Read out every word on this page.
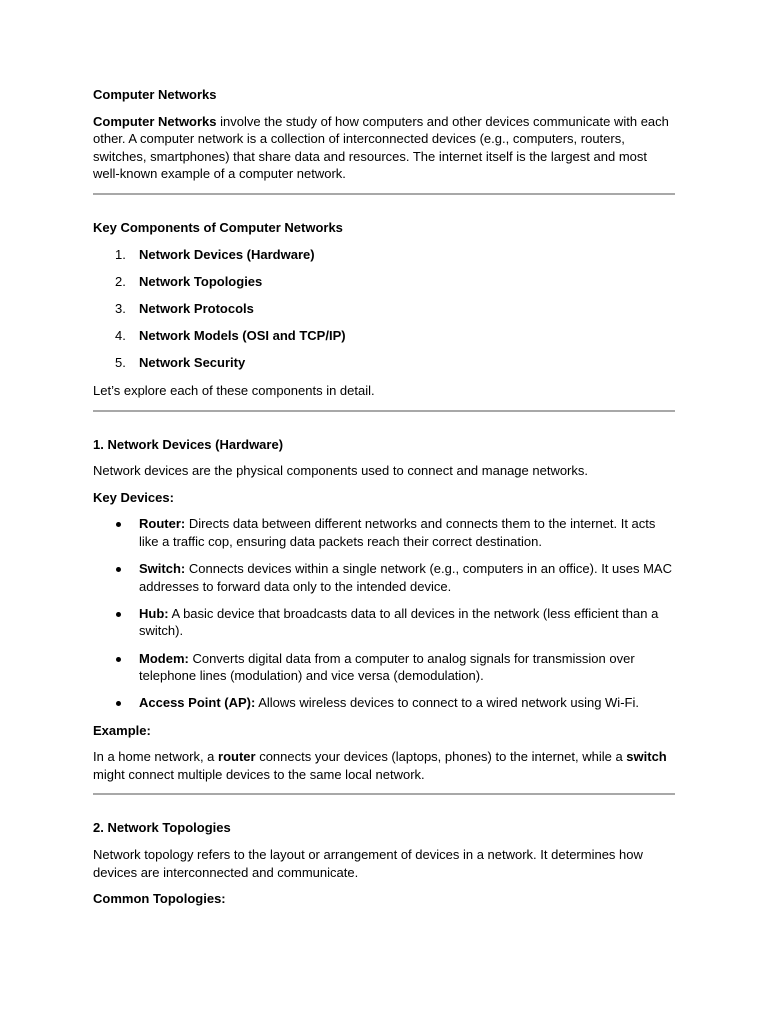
Computer Networks

Computer Networks involve the study of how computers and other devices communicate with each other. A computer network is a collection of interconnected devices (e.g., computers, routers, switches, smartphones) that share data and resources. The internet itself is the largest and most well-known example of a computer network.

Key Components of Computer Networks

1. Network Devices (Hardware)
2. Network Topologies
3. Network Protocols
4. Network Models (OSI and TCP/IP)
5. Network Security

Let’s explore each of these components in detail.

1. Network Devices (Hardware)

Network devices are the physical components used to connect and manage networks.

Key Devices:

Router: Directs data between different networks and connects them to the internet. It acts like a traffic cop, ensuring data packets reach their correct destination.
Switch: Connects devices within a single network (e.g., computers in an office). It uses MAC addresses to forward data only to the intended device.
Hub: A basic device that broadcasts data to all devices in the network (less efficient than a switch).
Modem: Converts digital data from a computer to analog signals for transmission over telephone lines (modulation) and vice versa (demodulation).
Access Point (AP): Allows wireless devices to connect to a wired network using Wi-Fi.

Example:

In a home network, a router connects your devices (laptops, phones) to the internet, while a switch might connect multiple devices to the same local network.

2. Network Topologies

Network topology refers to the layout or arrangement of devices in a network. It determines how devices are interconnected and communicate.

Common Topologies:
